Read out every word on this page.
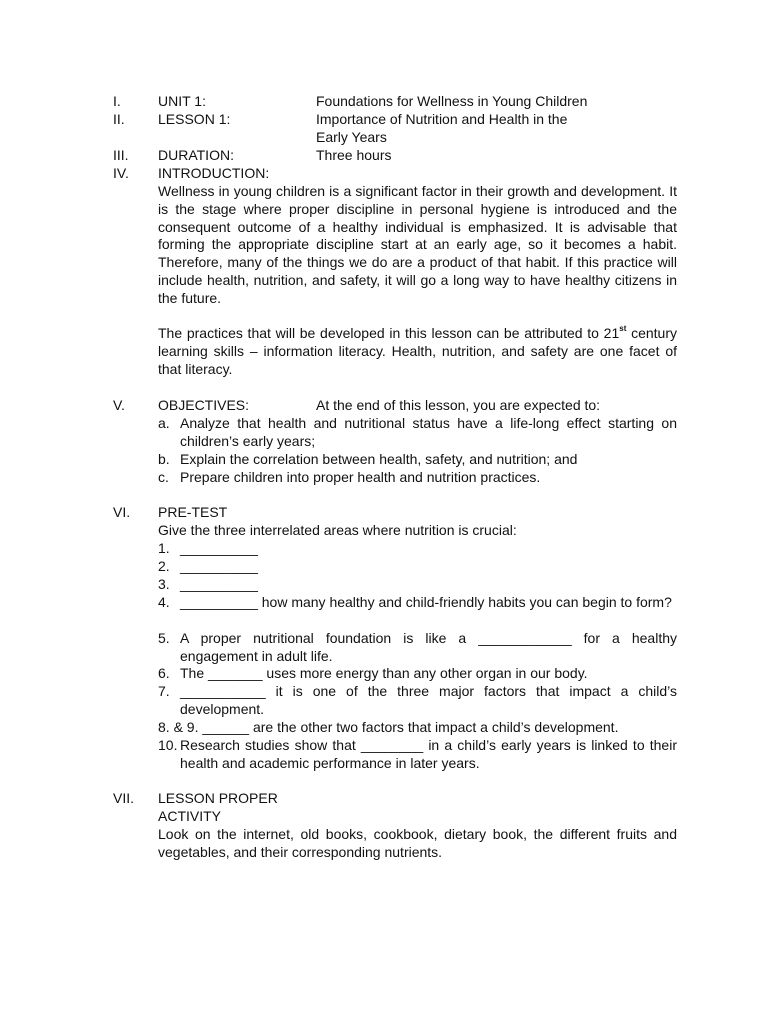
I.	UNIT 1:	Foundations for Wellness in Young Children
II. LESSON 1:	Importance of Nutrition and Health in the Early Years
III. DURATION:	Three hours
IV. INTRODUCTION:

Wellness in young children is a significant factor in their growth and development. It is the stage where proper discipline in personal hygiene is introduced and the consequent outcome of a healthy individual is emphasized. It is advisable that forming the appropriate discipline start at an early age, so it becomes a habit. Therefore, many of the things we do are a product of that habit. If this practice will include health, nutrition, and safety, it will go a long way to have healthy citizens in the future.

The practices that will be developed in this lesson can be attributed to 21st century learning skills – information literacy. Health, nutrition, and safety are one facet of that literacy.

V. OBJECTIVES:	At the end of this lesson, you are expected to:
a. Analyze that health and nutritional status have a life-long effect starting on children’s early years;
b. Explain the correlation between health, safety, and nutrition; and
c. Prepare children into proper health and nutrition practices.
VI. PRE-TEST
Give the three interrelated areas where nutrition is crucial:
1. __________
2. __________
3. __________
4. __________ how many healthy and child-friendly habits you can begin to form?
5. A proper nutritional foundation is like a ____________ for a healthy engagement in adult life.
6. The _______ uses more energy than any other organ in our body.
7. ___________ it is one of the three major factors that impact a child’s development.
8. & 9. ______ are the other two factors that impact a child’s development.
10. Research studies show that ________ in a child’s early years is linked to their health and academic performance in later years.
VII. LESSON PROPER
ACTIVITY

Look on the internet, old books, cookbook, dietary book, the different fruits and vegetables, and their corresponding nutrients.
